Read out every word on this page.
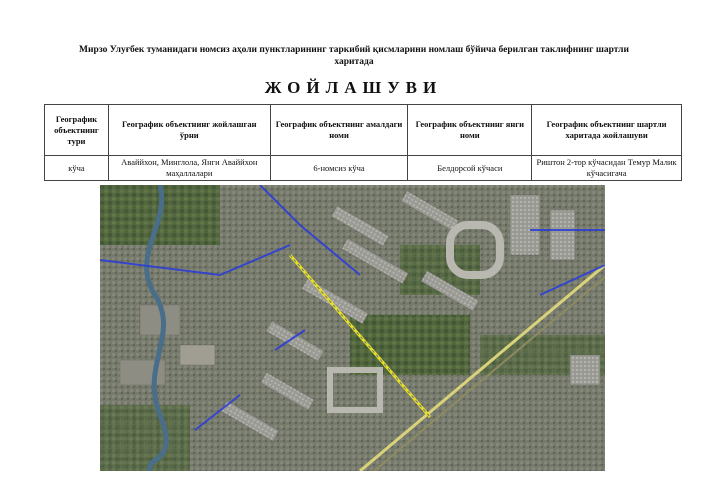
Мирзо Улуғбек туманидаги номсиз аҳоли пунктларининг таркибий қисмларини номлаш бўйича берилган таклифнинг шартли харитада
ЖОЙЛАШУВИ
Географик объектнинг тури	Географик объектнинг жойлашган ўрни	Географик объектнинг амалдаги номи	Географик объектнинг янги номи	Географик объектнинг шартли харитада жойлашуви
кўча	Аваййхон, Минглола, Янги Аваййхон маҳаллалари	6-номсиз кўча	Белдорсой кўчаси	Риштон 2-тор кўчасидан Темур Малик кўчасигача
